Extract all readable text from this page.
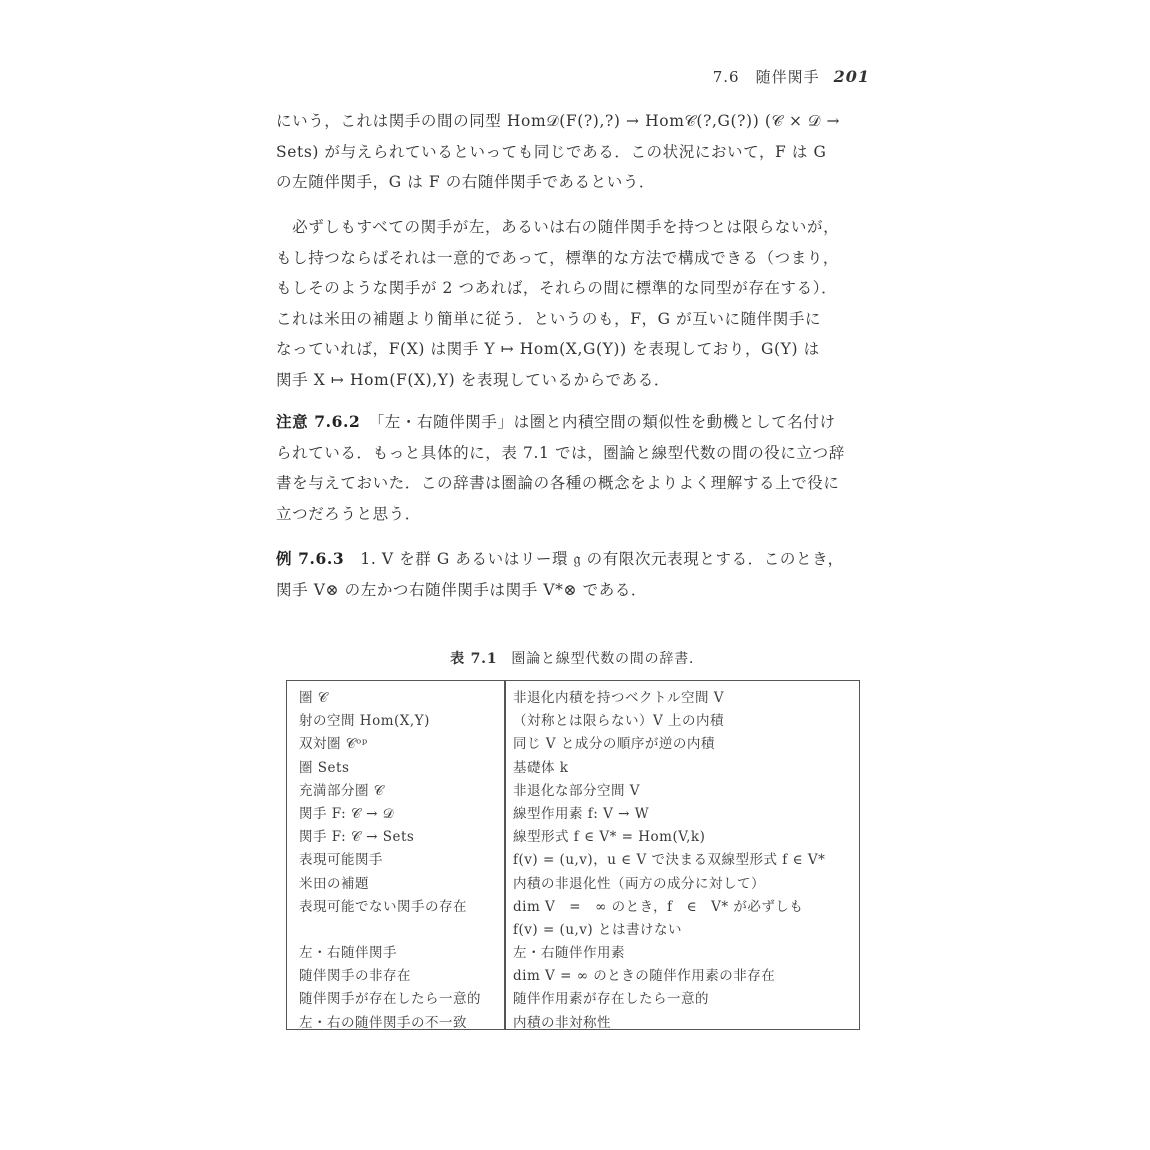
7.6　随伴関手 201

にいう，これは関手の間の同型 Hom𝒟(F(?),?) → Hom𝒞(?,G(?)) (𝒞 × 𝒟 →

Sets) が与えられているといっても同じである．この状況において，F は G

の左随伴関手，G は F の右随伴関手であるという．

　必ずしもすべての関手が左，あるいは右の随伴関手を持つとは限らないが，

もし持つならばそれは一意的であって，標準的な方法で構成できる（つまり，

もしそのような関手が 2 つあれば，それらの間に標準的な同型が存在する）．

これは米田の補題より簡単に従う．というのも，F，G が互いに随伴関手に

なっていれば，F(X) は関手 Y ↦ Hom(X,G(Y)) を表現しており，G(Y) は

関手 X ↦ Hom(F(X),Y) を表現しているからである．

注意 7.6.2　 「左・右随伴関手」は圏と内積空間の類似性を動機として名付け

られている．もっと具体的に，表 7.1 では，圏論と線型代数の間の役に立つ辞

書を与えておいた．この辞書は圏論の各種の概念をよりよく理解する上で役に

立つだろうと思う．

例 7.6.3　 1. V を群 G あるいはリー環 𝔤 の有限次元表現とする．このとき，

関手 V⊗ の左かつ右随伴関手は関手 V*⊗ である．

表 7.1 圏論と線型代数の間の辞書．
圏 𝒞
射の空間 Hom(X,Y)
双対圏 𝒞ᵒᵖ
圏 Sets
充満部分圏 𝒞
関手 F: 𝒞 → 𝒟
関手 F: 𝒞 → Sets
表現可能関手
米田の補題
表現可能でない関手の存在
左・右随伴関手
随伴関手の非存在
随伴関手が存在したら一意的
左・右の随伴関手の不一致
非退化内積を持つベクトル空間 V
（対称とは限らない）V 上の内積
同じ V と成分の順序が逆の内積
基礎体 k
非退化な部分空間 V
線型作用素 f: V → W
線型形式 f ∈ V* = Hom(V,k)
f(v) = (u,v)，u ∈ V で決まる双線型形式 f ∈ V*
内積の非退化性（両方の成分に対して）
dim V　=　∞ のとき，f　∈　V* が必ずしも
f(v) = (u,v) とは書けない
左・右随伴作用素
dim V = ∞ のときの随伴作用素の非存在
随伴作用素が存在したら一意的
内積の非対称性
